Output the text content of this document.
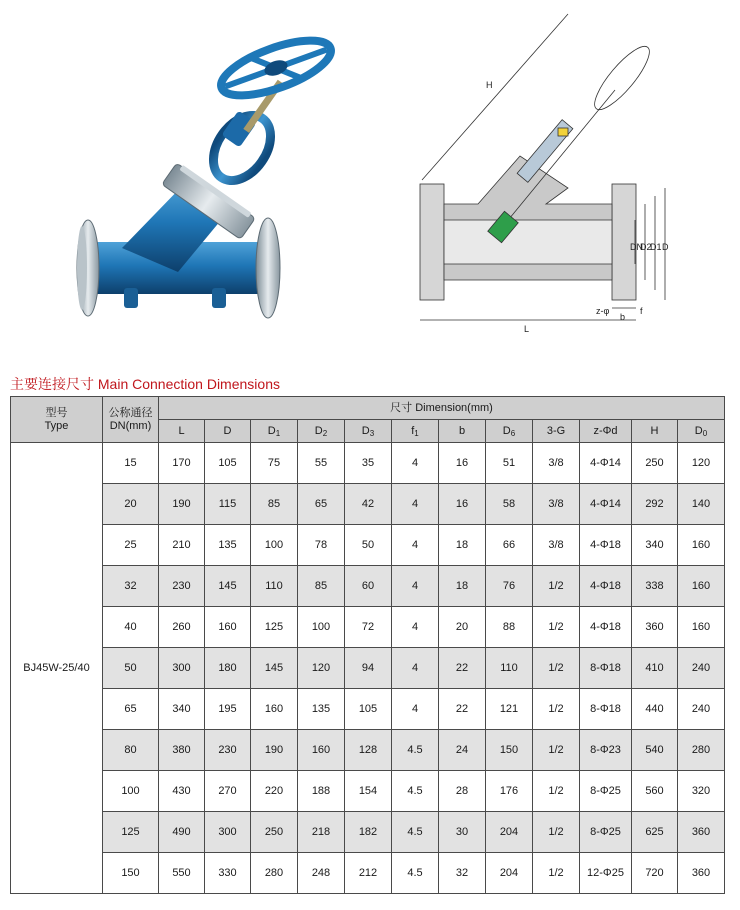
H
DN
D2
D1 D
L
z-φ
b
f
主要连接尺寸 Main Connection Dimensions
型号
Type	公称通径
DN(mm)	尺寸 Dimension(mm)											
		L	D	$D_1$	$D_2$	$D_3$	$f_1$	b	$D_6$	3-G	z-Φd	H	$D_0$
BJ45W-25/40	15	170	105	75	55	35	4	16	51	3/8	4-Φ14	250	120
	20	190	115	85	65	42	4	16	58	3/8	4-Φ14	292	140
	25	210	135	100	78	50	4	18	66	3/8	4-Φ18	340	160
	32	230	145	110	85	60	4	18	76	1/2	4-Φ18	338	160
	40	260	160	125	100	72	4	20	88	1/2	4-Φ18	360	160
	50	300	180	145	120	94	4	22	110	1/2	8-Φ18	410	240
	65	340	195	160	135	105	4	22	121	1/2	8-Φ18	440	240
	80	380	230	190	160	128	4.5	24	150	1/2	8-Φ23	540	280
	100	430	270	220	188	154	4.5	28	176	1/2	8-Φ25	560	320
	125	490	300	250	218	182	4.5	30	204	1/2	8-Φ25	625	360
	150	550	330	280	248	212	4.5	32	204	1/2	12-Φ25	720	360
